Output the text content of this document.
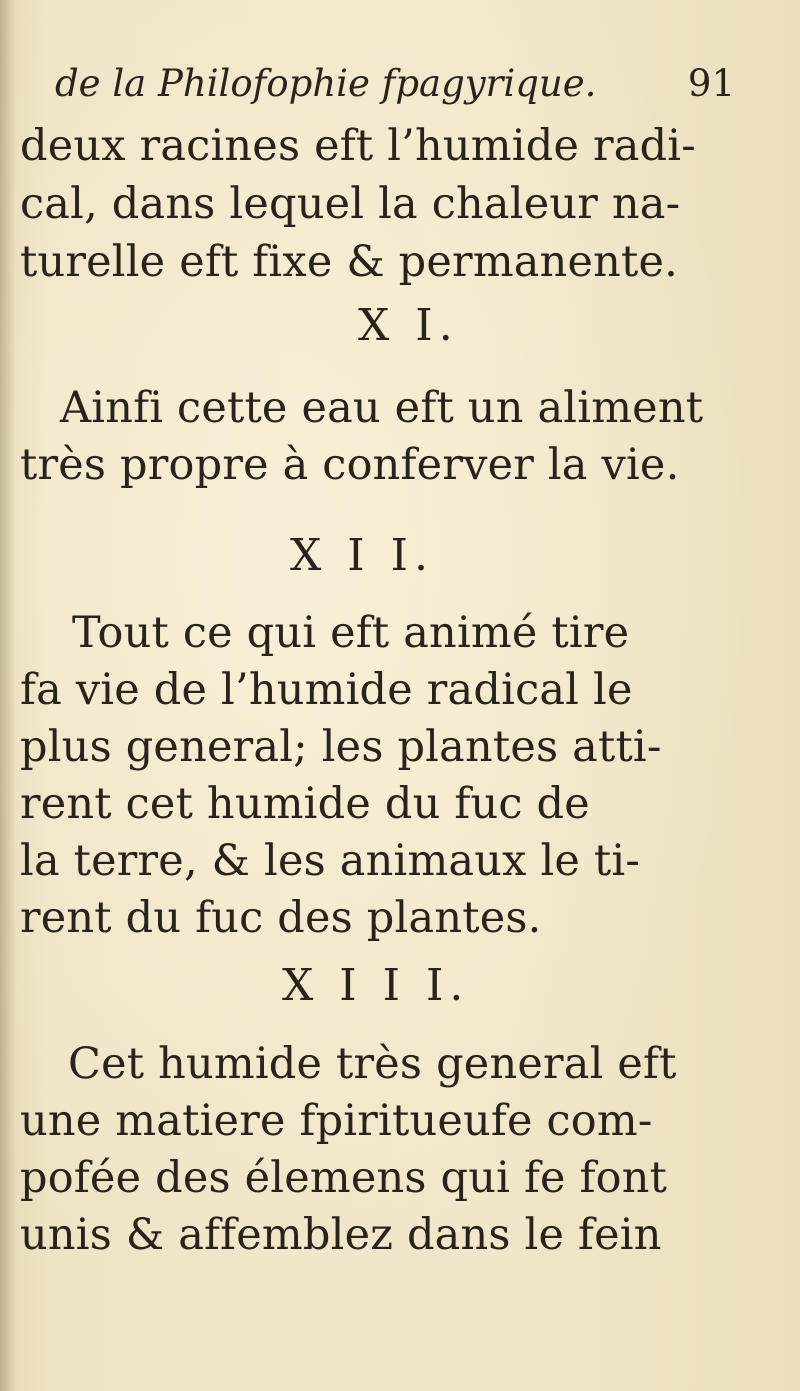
de la Philofophie fpagyrique. 91
deux racines eft l’humide radi-
cal, dans lequel la chaleur na-
turelle eft fixe & permanente.
X I.
Ainfi cette eau eft un aliment
très propre à conferver la vie.
X I I.
Tout ce qui eft animé tire
fa vie de l’humide radical le
plus general; les plantes atti-
rent cet humide du fuc de
la terre, & les animaux le ti-
rent du fuc des plantes.
X I I I.
Cet humide très general eft
une matiere fpiritueufe com-
pofée des élemens qui fe font
unis & affemblez dans le fein
